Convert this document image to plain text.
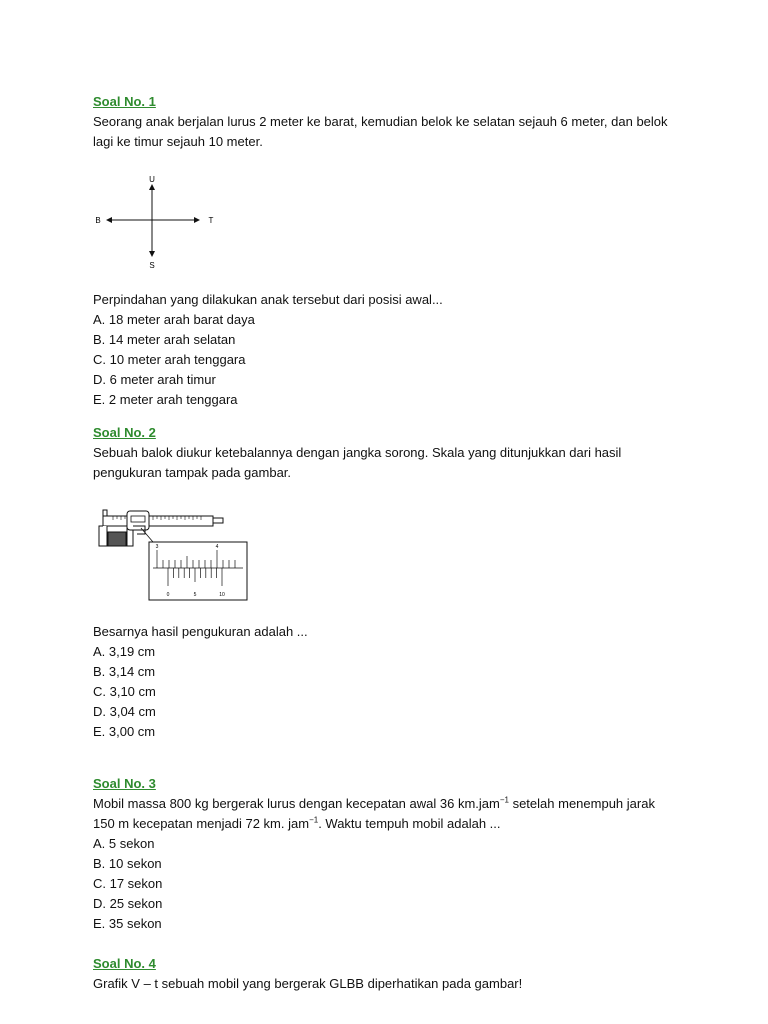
Soal No. 1
Seorang anak berjalan lurus 2 meter ke barat, kemudian belok ke selatan sejauh 6 meter, dan belok
lagi ke timur sejauh 10 meter.
U
S
B	T
Perpindahan yang dilakukan anak tersebut dari posisi awal...
A. 18 meter arah barat daya
B. 14 meter arah selatan
C. 10 meter arah tenggara
D. 6 meter arah timur
E. 2 meter arah tenggara
Soal No. 2
Sebuah balok diukur ketebalannya dengan jangka sorong. Skala yang ditunjukkan dari hasil
pengukuran tampak pada gambar.
3	4
0	5	10
Besarnya hasil pengukuran adalah ...
A. 3,19 cm
B. 3,14 cm
C. 3,10 cm
D. 3,04 cm
E. 3,00 cm
Soal No. 3
Mobil massa 800 kg bergerak lurus dengan kecepatan awal 36 km.jam$^{-1}$ setelah menempuh jarak
150 m kecepatan menjadi 72 km. jam$^{-1}$. Waktu tempuh mobil adalah ...
A. 5 sekon
B. 10 sekon
C. 17 sekon
D. 25 sekon
E. 35 sekon
Soal No. 4
Grafik V – t sebuah mobil yang bergerak GLBB diperhatikan pada gambar!
